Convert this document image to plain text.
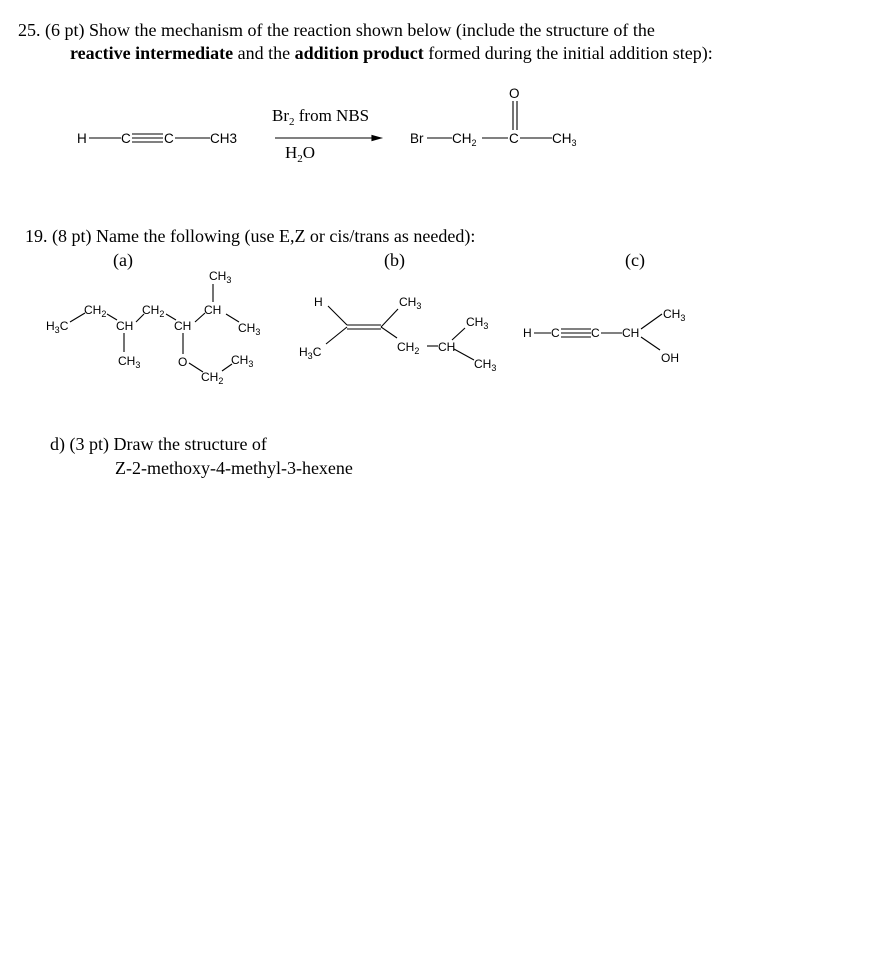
25. (6 pt) Show the mechanism of the reaction shown below (include the structure of the
reactive intermediate and the addition product formed during the initial addition step):
19. (8 pt) Name the following (use E,Z or cis/trans as needed):
(a)	(b)	(c)
d) (3 pt) Draw the structure of
Z-2-methoxy-4-methyl-3-hexene
H	C C	CH3
$Br_2$ from NBS
$H_2O$
Br $CH_2$ C
O
$CH_3$
$H_3C$
$CH_2$
CH
$CH_3$
$CH_2$
CH
O
$CH_2$
$CH_3$
CH
$CH_3$
$CH_3$
H
$H_3C$
$CH_3$
$CH_2$ CH
$CH_3$
$CH_3$
H C	C CH
$CH_3$
OH
